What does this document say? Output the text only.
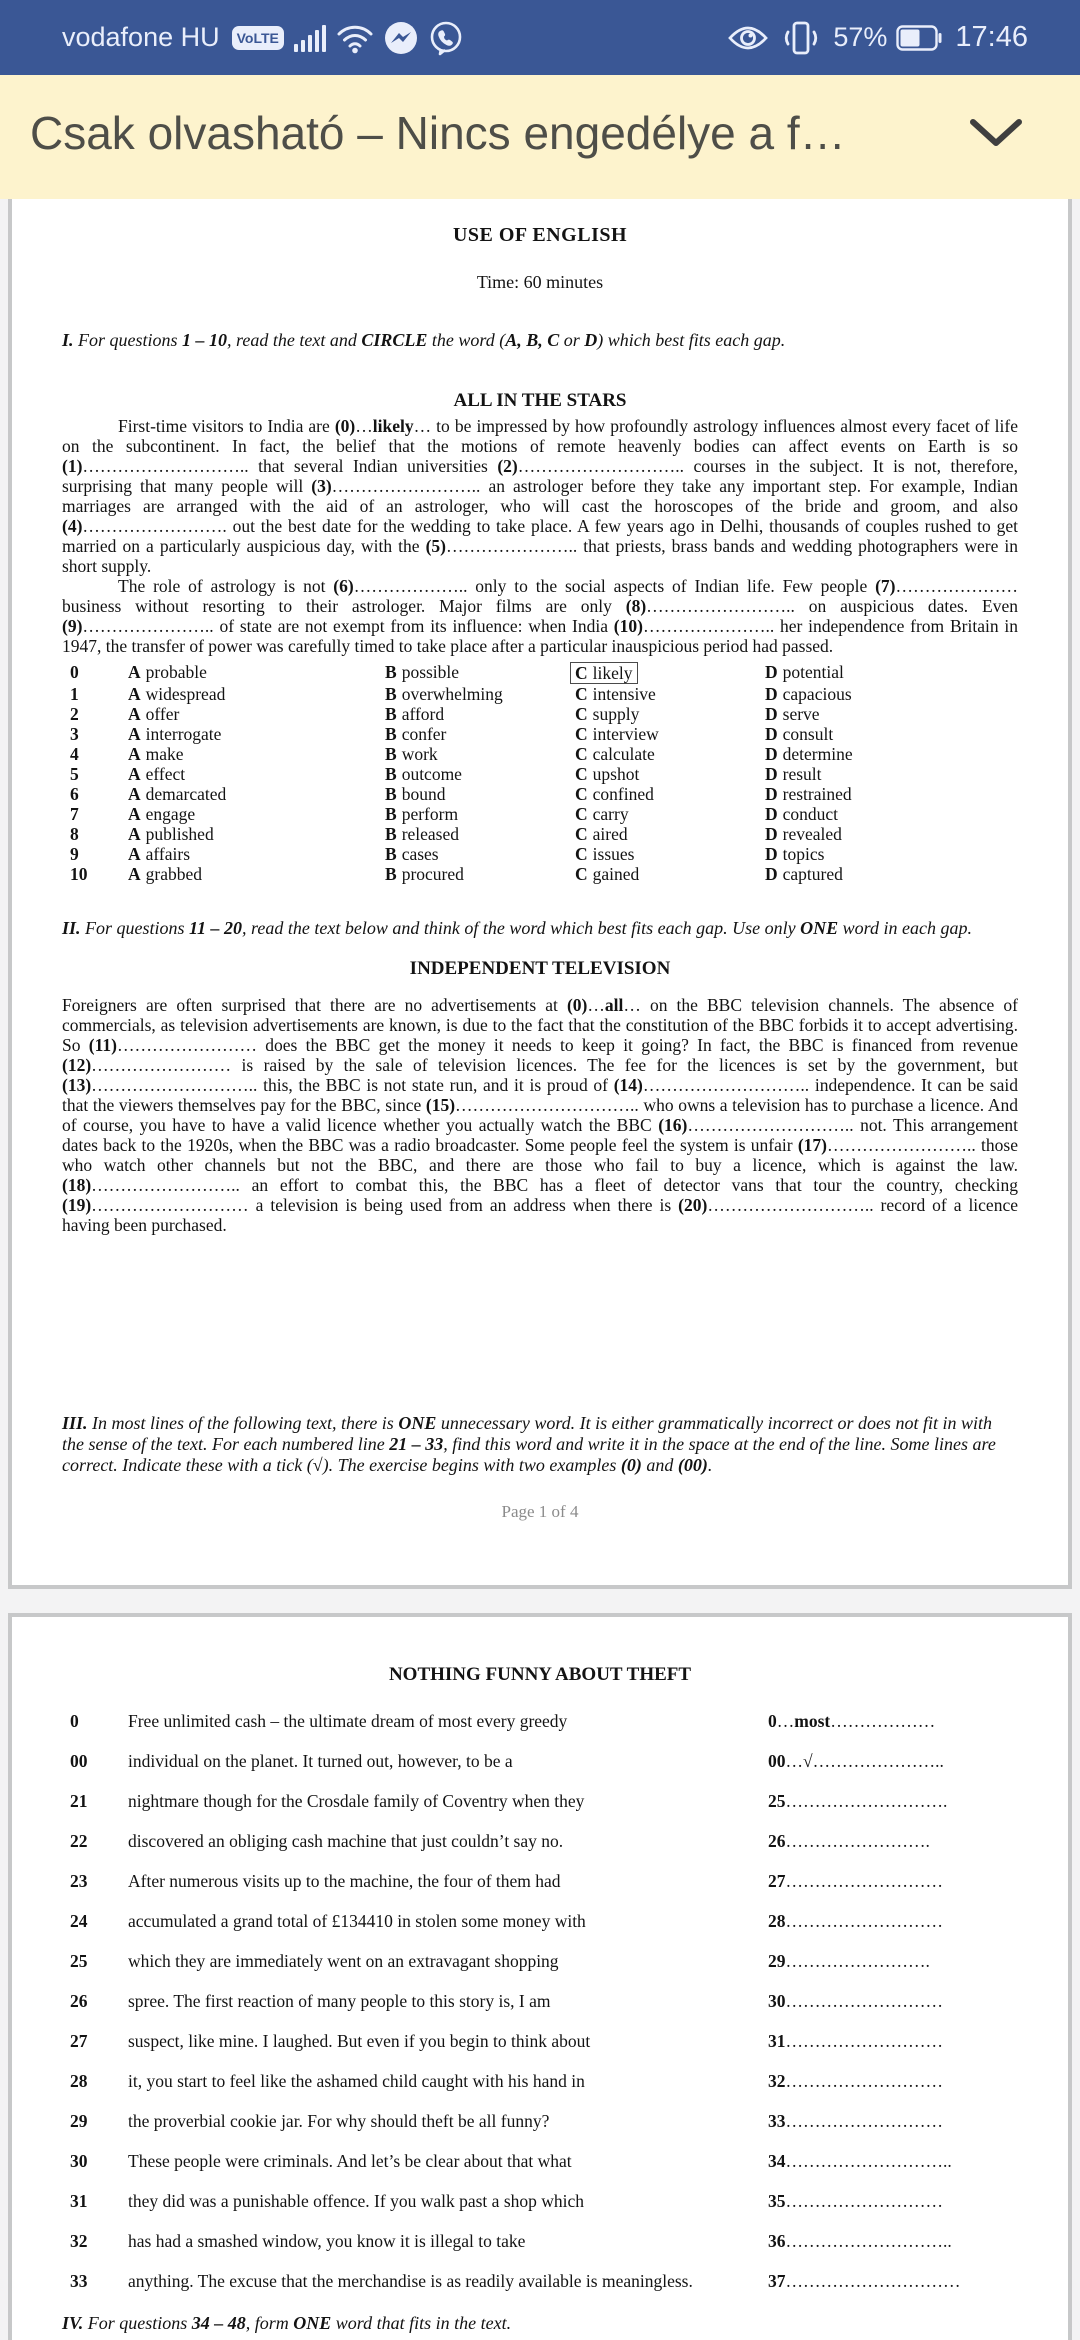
vodafone HU	VoLTE	57% 17:46
Csak olvasható – Nincs engedélye a f…
USE OF ENGLISH
Time: 60 minutes
I. For questions 1 – 10, read the text and CIRCLE the word (A, B, C or D) which best fits each gap.
ALL IN THE STARS
First-time visitors to India are (0)…likely… to be impressed by how profoundly astrology influences almost every facet of life on the subcontinent. In fact, the belief that the motions of remote heavenly bodies can affect events on Earth is so (1)……………………….. that several Indian universities (2)……………………….. courses in the subject. It is not, therefore, surprising that many people will (3)…………………….. an astrologer before they take any important step. For example, Indian marriages are arranged with the aid of an astrologer, who will cast the horoscopes of the bride and groom, and also (4)……………………. out the best date for the wedding to take place. A few years ago in Delhi, thousands of couples rushed to get married on a particularly auspicious day, with the (5)………………….. that priests, brass bands and wedding photographers were in short supply.
The role of astrology is not (6)……………….. only to the social aspects of Indian life. Few people (7)………………… business without resorting to their astrologer. Major films are only (8)…………………….. on auspicious dates. Even (9)………………….. of state are not exempt from its influence: when India (10)………………….. her independence from Britain in 1947, the transfer of power was carefully timed to take place after a particular inauspicious period had passed.
0	A probable	B possible	C likely	D potential
1	A widespread	B overwhelming	C intensive	D capacious
2	A offer	B afford	C supply	D serve
3	A interrogate	B confer	C interview	D consult
4	A make	B work	C calculate	D determine
5	A effect	B outcome	C upshot	D result
6	A demarcated	B bound	C confined	D restrained
7	A engage	B perform	C carry	D conduct
8	A published	B released	C aired	D revealed
9	A affairs	B cases	C issues	D topics
10	A grabbed	B procured	C gained	D captured
II. For questions 11 – 20, read the text below and think of the word which best fits each gap. Use only ONE word in each gap.
INDEPENDENT TELEVISION
Foreigners are often surprised that there are no advertisements at (0)…all… on the BBC television channels. The absence of commercials, as television advertisements are known, is due to the fact that the constitution of the BBC forbids it to accept advertising. So (11)…………………… does the BBC get the money it needs to keep it going? In fact, the BBC is financed from revenue (12)…………………… is raised by the sale of television licences. The fee for the licences is set by the government, but (13)……………………….. this, the BBC is not state run, and it is proud of (14)……………………….. independence. It can be said that the viewers themselves pay for the BBC, since (15)………………………….. who owns a television has to purchase a licence. And of course, you have to have a valid licence whether you actually watch the BBC (16)……………………….. not. This arrangement dates back to the 1920s, when the BBC was a radio broadcaster. Some people feel the system is unfair (17)…………………….. those who watch other channels but not the BBC, and there are those who fail to buy a licence, which is against the law. (18)…………………….. an effort to combat this, the BBC has a fleet of detector vans that tour the country, checking (19)……………………… a television is being used from an address when there is (20)……………………….. record of a licence having been purchased.
III. In most lines of the following text, there is ONE unnecessary word. It is either grammatically incorrect or does not fit in with the sense of the text. For each numbered line 21 – 33, find this word and write it in the space at the end of the line. Some lines are correct. Indicate these with a tick (√). The exercise begins with two examples (0) and (00).
Page 1 of 4
NOTHING FUNNY ABOUT THEFT
0	Free unlimited cash – the ultimate dream of most every greedy	0…most………………
00	individual on the planet. It turned out, however, to be a	00…√…………………..
21	nightmare though for the Crosdale family of Coventry when they	25……………………….
22	discovered an obliging cash machine that just couldn’t say no.	26…………………….
23	After numerous visits up to the machine, the four of them had	27………………………
24	accumulated a grand total of £134410 in stolen some money with	28………………………
25	which they are immediately went on an extravagant shopping	29…………………….
26	spree. The first reaction of many people to this story is, I am	30………………………
27	suspect, like mine. I laughed. But even if you begin to think about	31………………………
28	it, you start to feel like the ashamed child caught with his hand in	32………………………
29	the proverbial cookie jar. For why should theft be all funny?	33………………………
30	These people were criminals. And let’s be clear about that what	34………………………..
31	they did was a punishable offence. If you walk past a shop which	35………………………
32	has had a smashed window, you know it is illegal to take	36………………………..
33	anything. The excuse that the merchandise is as readily available is meaningless.	37…………………………
IV. For questions 34 – 48, form ONE word that fits in the text.
